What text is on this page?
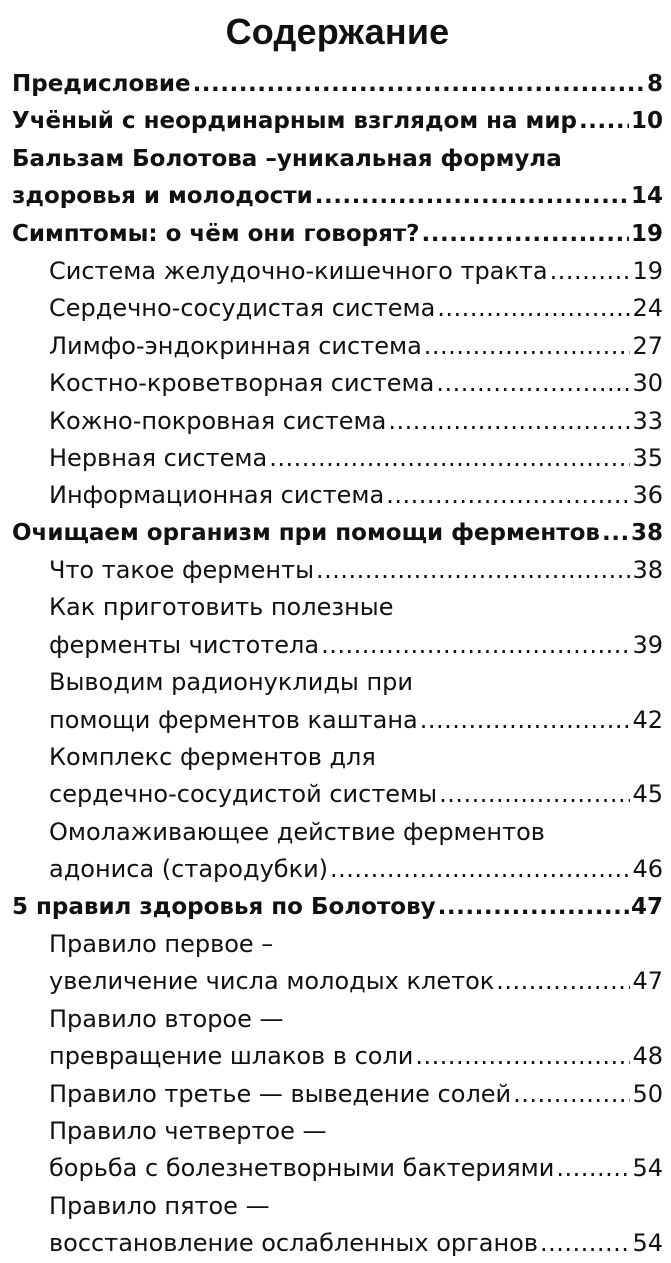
Содержание
Предисловие .....	8
Учёный с неординарным взглядом на мир ..... 10
Бальзам Болотова –уникальная формула
здоровья и молодости .....	14
Симптомы: о чём они говорят? .....	19
Система желудочно-кишечного тракта .....	19
Сердечно-сосудистая система .....	24
Лимфо-эндокринная система .....	27
Костно-кроветворная система .....	30
Кожно-покровная система .....	33
Нервная система .....	35
Информационная система .....	36
Очищаем организм при помощи ферментов ..... 38
Что такое ферменты .....	38
Как приготовить полезные
ферменты чистотела .....	39
Выводим радионуклиды при
помощи ферментов каштана .....	42
Комплекс ферментов для
сердечно-сосудистой системы .....	45
Омолаживающее действие ферментов
адониса (стародубки) .....	46
5 правил здоровья по Болотову .....	47
Правило первое –
увеличение числа молодых клеток .....	47
Правило второе —
превращение шлаков в соли .....	48
Правило третье — выведение солей .....	50
Правило четвертое —
борьба с болезнетворными бактериями .....	54
Правило пятое —
восстановление ослабленных органов .....	54
